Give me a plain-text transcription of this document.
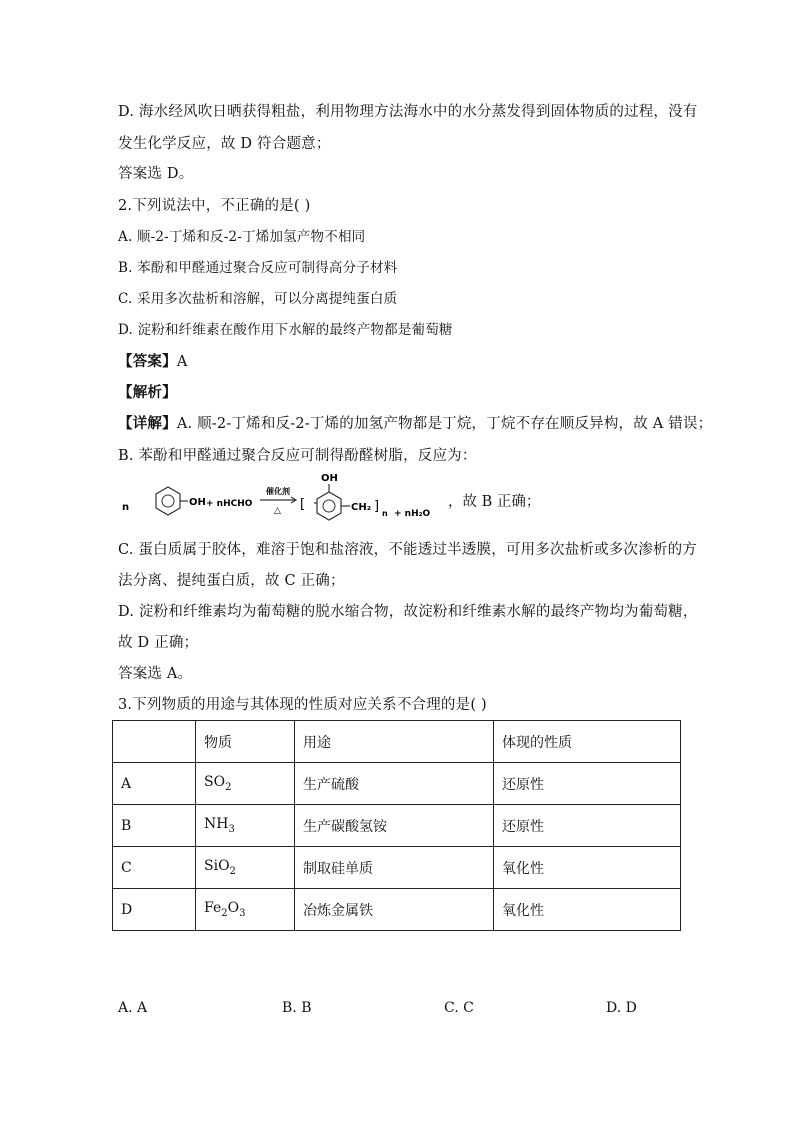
D. 海水经风吹日晒获得粗盐，利用物理方法海水中的水分蒸发得到固体物质的过程，没有
发生化学反应，故 D 符合题意；
答案选 D。
2.下列说法中，不正确的是( )
A. 顺-2-丁烯和反-2-丁烯加氢产物不相同
B. 苯酚和甲醛通过聚合反应可制得高分子材料
C. 采用多次盐析和溶解，可以分离提纯蛋白质
D. 淀粉和纤维素在酸作用下水解的最终产物都是葡萄糖
【答案】A
【解析】
【详解】A. 顺-2-丁烯和反-2-丁烯的加氢产物都是丁烷，丁烷不存在顺反异构，故 A 错误；
B. 苯酚和甲醛通过聚合反应可制得酚醛树脂，反应为：
n	OH + nHCHO
催化剂
△ [
OH
CH₂ ] n + nH₂O
，故 B 正确；
C. 蛋白质属于胶体，难溶于饱和盐溶液，不能透过半透膜，可用多次盐析或多次渗析的方
法分离、提纯蛋白质，故 C 正确；
D. 淀粉和纤维素均为葡萄糖的脱水缩合物，故淀粉和纤维素水解的最终产物均为葡萄糖，
故 D 正确；
答案选 A。
3.下列物质的用途与其体现的性质对应关系不合理的是( )
	物质	用途	体现的性质
A	$SO_2$	生产硫酸	还原性
B	$NH_3$	生产碳酸氢铵	还原性
C	SiO$_2$	制取硅单质	氧化性
D	$Fe_2O_3$	冶炼金属铁	氧化性
A. A	B. B	C. C	D. D
